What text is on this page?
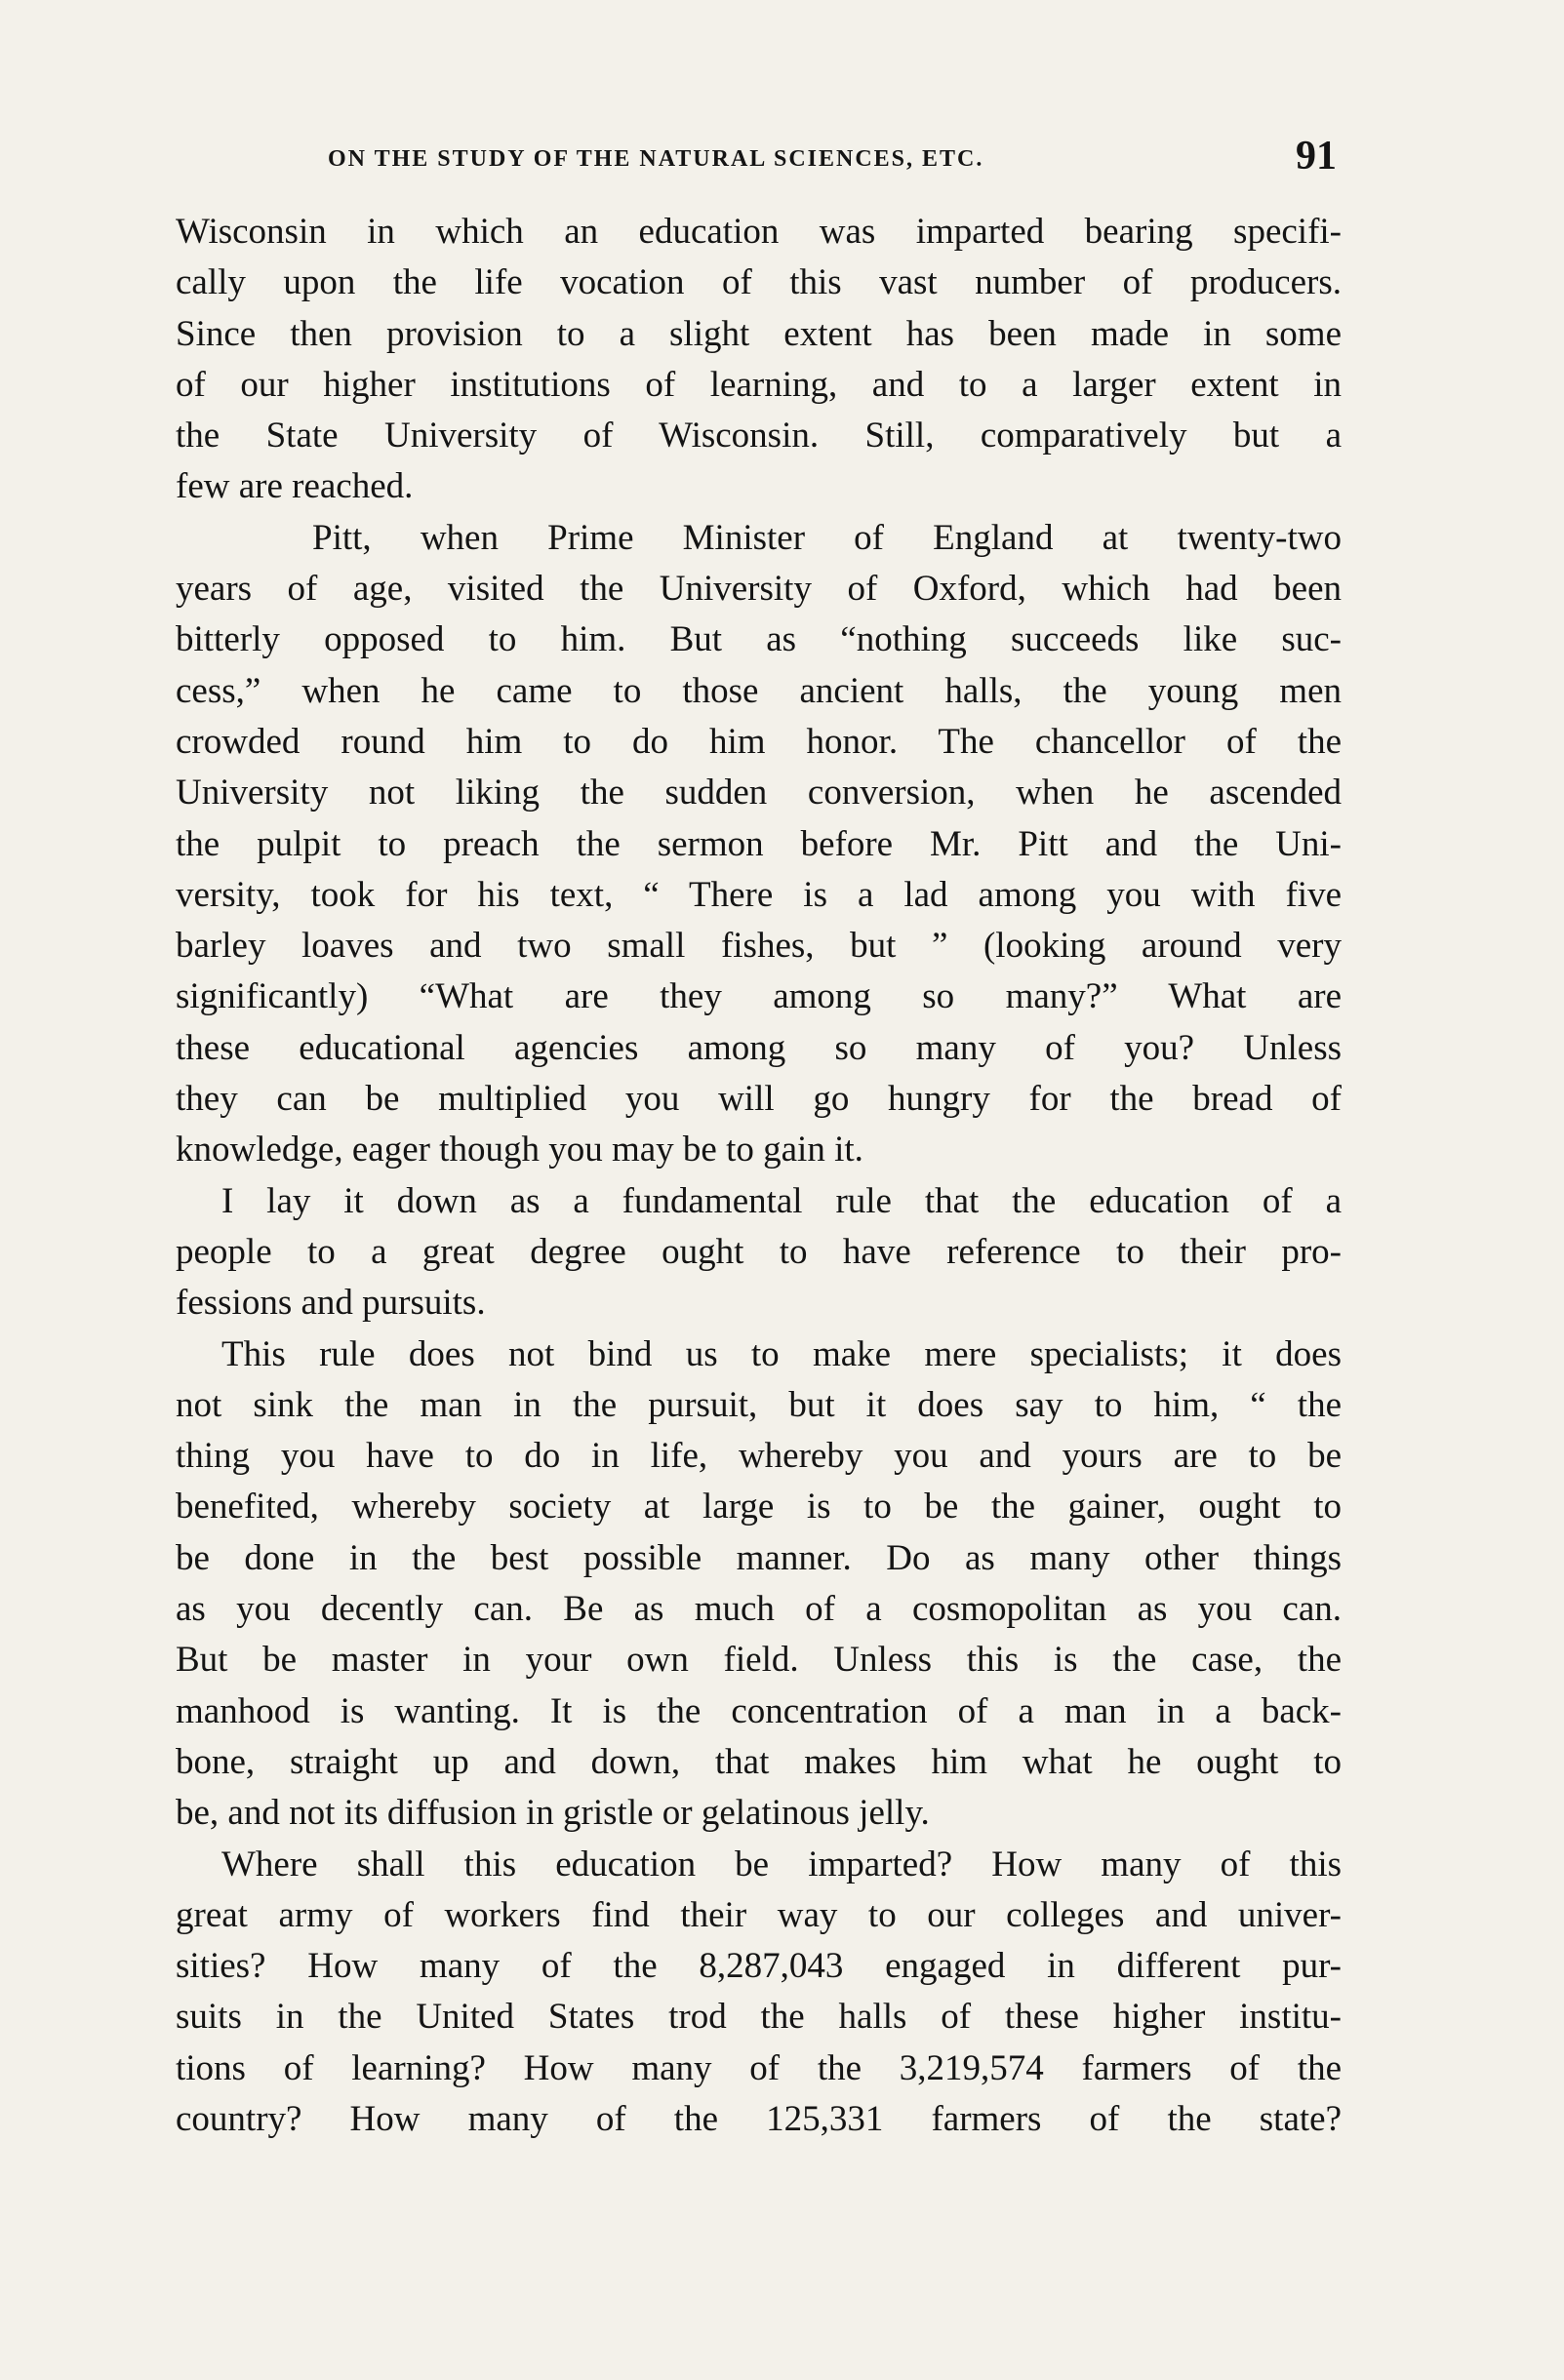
ON THE STUDY OF THE NATURAL SCIENCES, ETC.	91

Wisconsin in which an education was imparted bearing specifi-
cally upon the life vocation of this vast number of producers.
Since then provision to a slight extent has been made in some
of our higher institutions of learning, and to a larger extent in
the State University of Wisconsin. Still, comparatively but a
few are reached.

Pitt, when Prime Minister of England at twenty-two
years of age, visited the University of Oxford, which had been
bitterly opposed to him. But as “nothing succeeds like suc-
cess,” when he came to those ancient halls, the young men
crowded round him to do him honor. The chancellor of the
University not liking the sudden conversion, when he ascended
the pulpit to preach the sermon before Mr. Pitt and the Uni-
versity, took for his text, “ There is a lad among you with five
barley loaves and two small fishes, but ” (looking around very
significantly) “What are they among so many?” What are
these educational agencies among so many of you? Unless
they can be multiplied you will go hungry for the bread of
knowledge, eager though you may be to gain it.

I lay it down as a fundamental rule that the education of a
people to a great degree ought to have reference to their pro-
fessions and pursuits.

This rule does not bind us to make mere specialists; it does
not sink the man in the pursuit, but it does say to him, “ the
thing you have to do in life, whereby you and yours are to be
benefited, whereby society at large is to be the gainer, ought to
be done in the best possible manner. Do as many other things
as you decently can. Be as much of a cosmopolitan as you can.
But be master in your own field. Unless this is the case, the
manhood is wanting. It is the concentration of a man in a back-
bone, straight up and down, that makes him what he ought to
be, and not its diffusion in gristle or gelatinous jelly.

Where shall this education be imparted? How many of this
great army of workers find their way to our colleges and univer-
sities? How many of the 8,287,043 engaged in different pur-
suits in the United States trod the halls of these higher institu-
tions of learning? How many of the 3,219,574 farmers of the
country? How many of the 125,331 farmers of the state?
